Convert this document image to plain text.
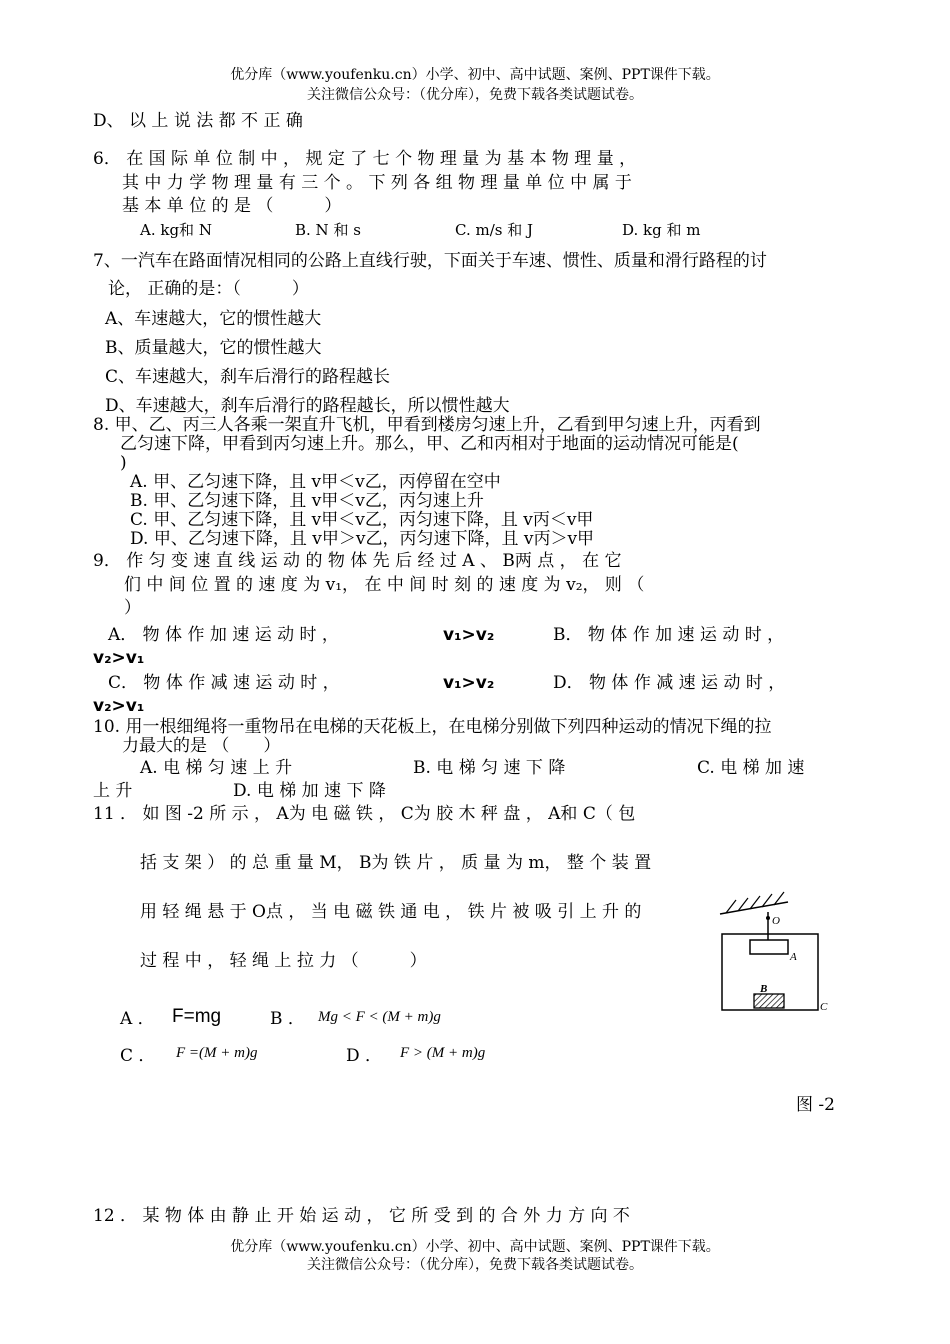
优分库（www.youfenku.cn）小学、初中、高中试题、案例、PPT课件下载。
关注微信公众号：（优分库），免费下载各类试题试卷。
D、 以 上 说 法 都 不 正 确
6． 在 国 际 单 位 制 中 ， 规 定 了 七 个 物 理 量 为 基 本 物 理 量 ，
其 中 力 学 物 理 量 有 三 个 。 下 列 各 组 物 理 量 单 位 中 属 于
基 本 单 位 的 是 （　　　）
A. kg和 N	B. N 和 s	C. m/s 和 J	D. kg 和 m
7、一汽车在路面情况相同的公路上直线行驶，下面关于车速、惯性、质量和滑行路程的讨
论， 正确的是：（　　　）
A、车速越大，它的惯性越大
B、质量越大，它的惯性越大
C、车速越大，刹车后滑行的路程越长
D、车速越大，刹车后滑行的路程越长，所以惯性越大
8. 甲、乙、丙三人各乘一架直升飞机，甲看到楼房匀速上升，乙看到甲匀速上升，丙看到
乙匀速下降，甲看到丙匀速上升。那么，甲、乙和丙相对于地面的运动情况可能是(
)
A. 甲、乙匀速下降，且 v甲＜v乙，丙停留在空中
B. 甲、乙匀速下降，且 v甲＜v乙，丙匀速上升
C. 甲、乙匀速下降，且 v甲＜v乙，丙匀速下降，且 v丙＜v甲
D. 甲、乙匀速下降，且 v甲＞v乙，丙匀速下降，且 v丙＞v甲
9． 作 匀 变 速 直 线 运 动 的 物 体 先 后 经 过 A 、 B两 点 ， 在 它
们 中 间 位 置 的 速 度 为 v₁， 在 中 间 时 刻 的 速 度 为 v₂， 则 （
）
A． 物 体 作 加 速 运 动 时 ，	v₁>v₂	B． 物 体 作 加 速 运 动 时 ，
v₂>v₁
C． 物 体 作 减 速 运 动 时 ，	v₁>v₂	D． 物 体 作 减 速 运 动 时 ，
v₂>v₁
10. 用一根细绳将一重物吊在电梯的天花板上，在电梯分别做下列四种运动的情况下绳的拉
力最大的是 （　　）
A. 电 梯 匀 速 上 升	B. 电 梯 匀 速 下 降	C. 电 梯 加 速
上 升	D. 电 梯 加 速 下 降
11 ． 如 图 -2 所 示 ， A为 电 磁 铁 ， C为 胶 木 秤 盘 ， A和 C（ 包
括 支 架 ） 的 总 重 量 M， B为 铁 片 ， 质 量 为 m， 整 个 装 置
用 轻 绳 悬 于 O点 ， 当 电 磁 铁 通 电 ， 铁 片 被 吸 引 上 升 的
过 程 中 ， 轻 绳 上 拉 力 （　　　）
A ． F=mg	B ． Mg < F < (M + m)g
C ． F =(M + m)g	D ． F > (M + m)g
O
A
B
C
图 -2
12 ． 某 物 体 由 静 止 开 始 运 动 ， 它 所 受 到 的 合 外 力 方 向 不
优分库（www.youfenku.cn）小学、初中、高中试题、案例、PPT课件下载。
关注微信公众号：（优分库），免费下载各类试题试卷。
